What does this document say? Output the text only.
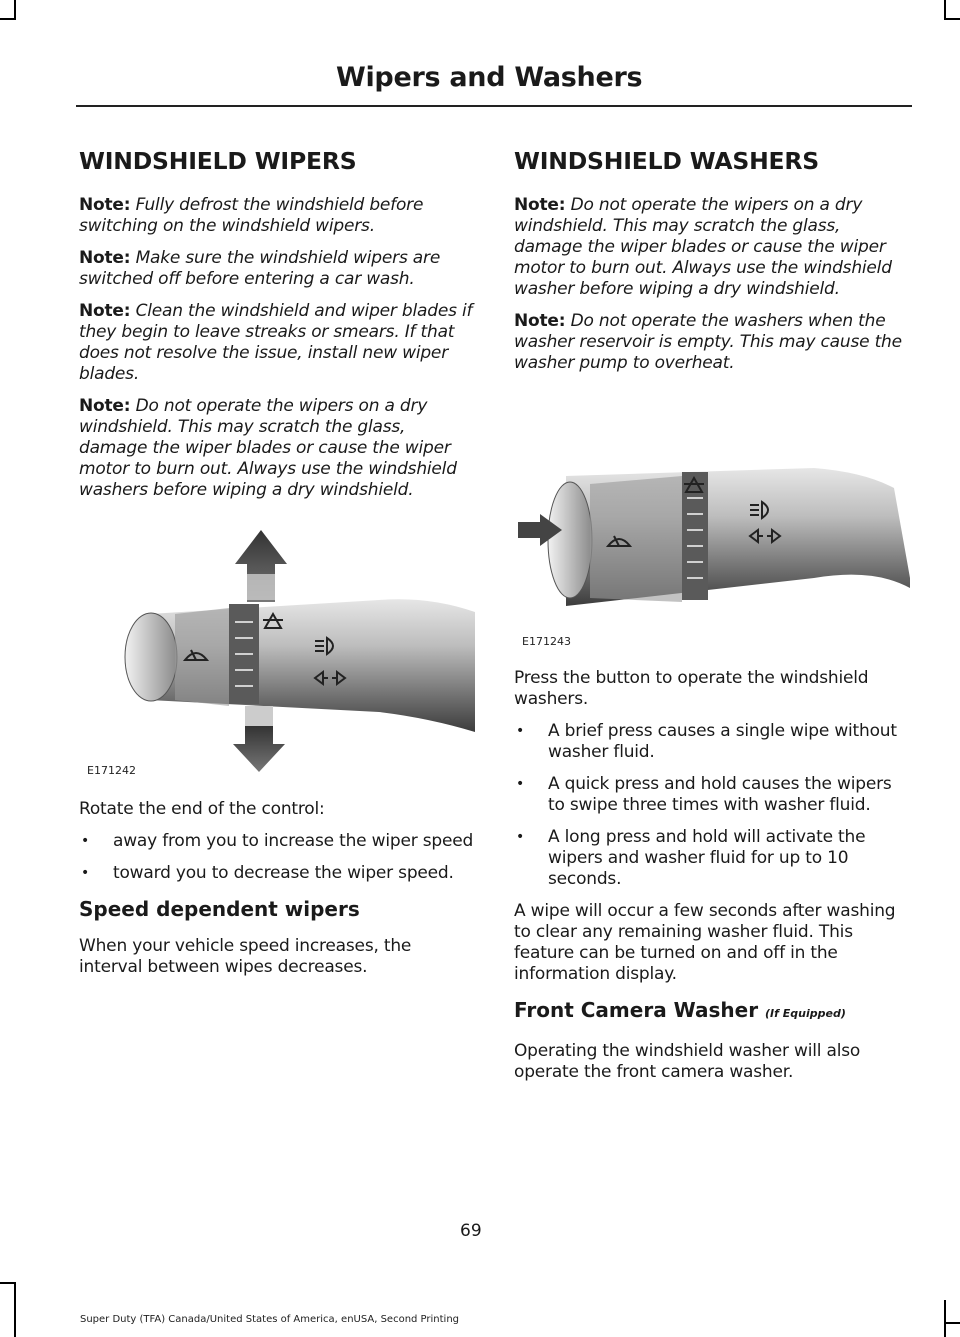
Wipers and Washers
WINDSHIELD WIPERS

Note: Fully defrost the windshield before switching on the windshield wipers.

Note: Make sure the windshield wipers are switched off before entering a car wash.

Note: Clean the windshield and wiper blades if they begin to leave streaks or smears. If that does not resolve the issue, install new wiper blades.

Note: Do not operate the wipers on a dry windshield. This may scratch the glass, damage the wiper blades or cause the wiper motor to burn out. Always use the windshield washers before wiping a dry windshield.

E171242

Rotate the end of the control:

• away from you to increase the wiper speed
• toward you to decrease the wiper speed.
Speed dependent wipers

When your vehicle speed increases, the interval between wipes decreases.

WINDSHIELD WASHERS

Note: Do not operate the wipers on a dry windshield. This may scratch the glass, damage the wiper blades or cause the wiper motor to burn out. Always use the windshield washer before wiping a dry windshield.

Note: Do not operate the washers when the washer reservoir is empty. This may cause the washer pump to overheat.

E171243

Press the button to operate the windshield washers.

• A brief press causes a single wipe without washer fluid.
• A quick press and hold causes the wipers to swipe three times with washer fluid.
• A long press and hold will activate the wipers and washer fluid for up to 10 seconds.

A wipe will occur a few seconds after washing to clear any remaining washer fluid. This feature can be turned on and off in the information display.

Front Camera Washer (If Equipped)

Operating the windshield washer will also operate the front camera washer.

69
Super Duty (TFA) Canada/United States of America, enUSA, Second Printing
